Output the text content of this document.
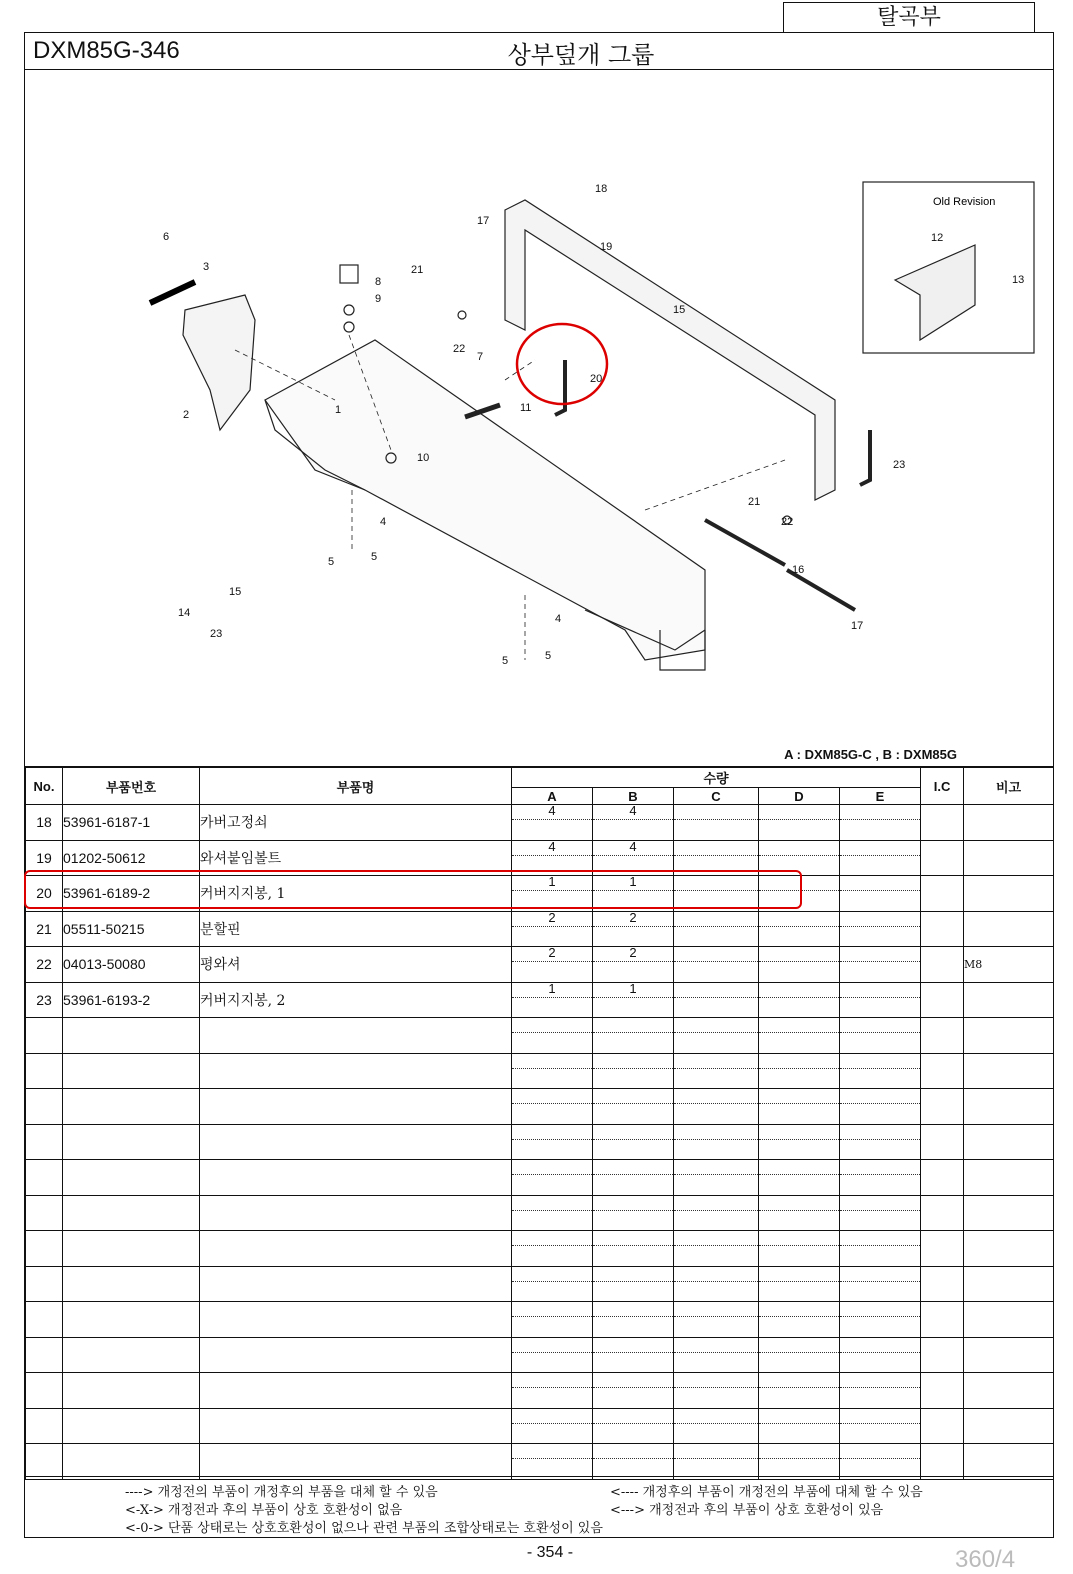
탈곡부
DXM85G-346	상부덮개 그룹
Old Revision
1
2
3
4
4
5	5
5	5
6
7
8
9
10
11
12
13
14
15
15
16
17
17
18
19
20
21
21
22
22
23
23
A : DXM85G-C , B : DXM85G
No.	부품번호	부품명	수량					I.C	비고
			A	B	C	D	E		
18	53961-6187-1	카버고정쇠	4	4					

19	01202-50612	와셔붙임볼트	4	4					

20	53961-6189-2	커버지지봉, 1	1	1					

21	05511-50215	분할핀	2	2					

22	04013-50080	평와셔	2	2					M8
23	53961-6193-2	커버지지봉, 2	1	1					

----> 개정전의 부품이 개정후의 부품을 대체 할 수 있음	<---- 개정후의 부품이 개정전의 부품에 대체 할 수 있음
<-X-> 개정전과 후의 부품이 상호 호환성이 없음	<---> 개정전과 후의 부품이 상호 호환성이 있음
<-0-> 단품 상태로는 상호호환성이 없으나 관련 부품의 조합상태로는 호환성이 있음
- 354 -	360/4
